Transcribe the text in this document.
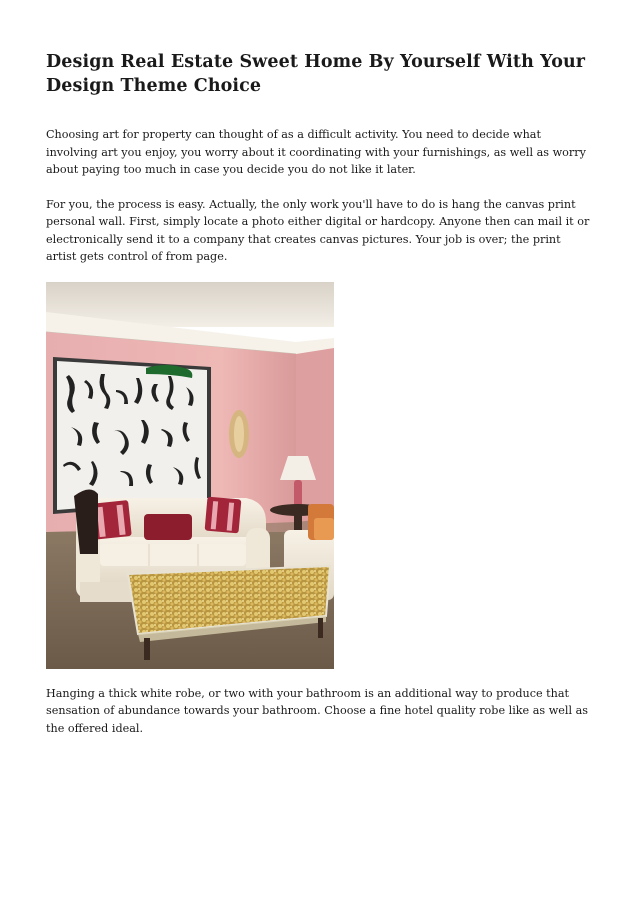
Design Real Estate Sweet Home By Yourself With Your Design Theme Choice

Choosing art for property can thought of as a difficult activity. You need to decide what involving art you enjoy, you worry about it coordinating with your furnishings, as well as worry about paying too much in case you decide you do not like it later.

For you, the process is easy. Actually, the only work you'll have to do is hang the canvas print personal wall. First, simply locate a photo either digital or hardcopy. Anyone then can mail it or electronically send it to a company that creates canvas pictures. Your job is over; the print artist gets control of from page.

Hanging a thick white robe, or two with your bathroom is an additional way to produce that sensation of abundance towards your bathroom. Choose a fine hotel quality robe like as well as the offered ideal.
